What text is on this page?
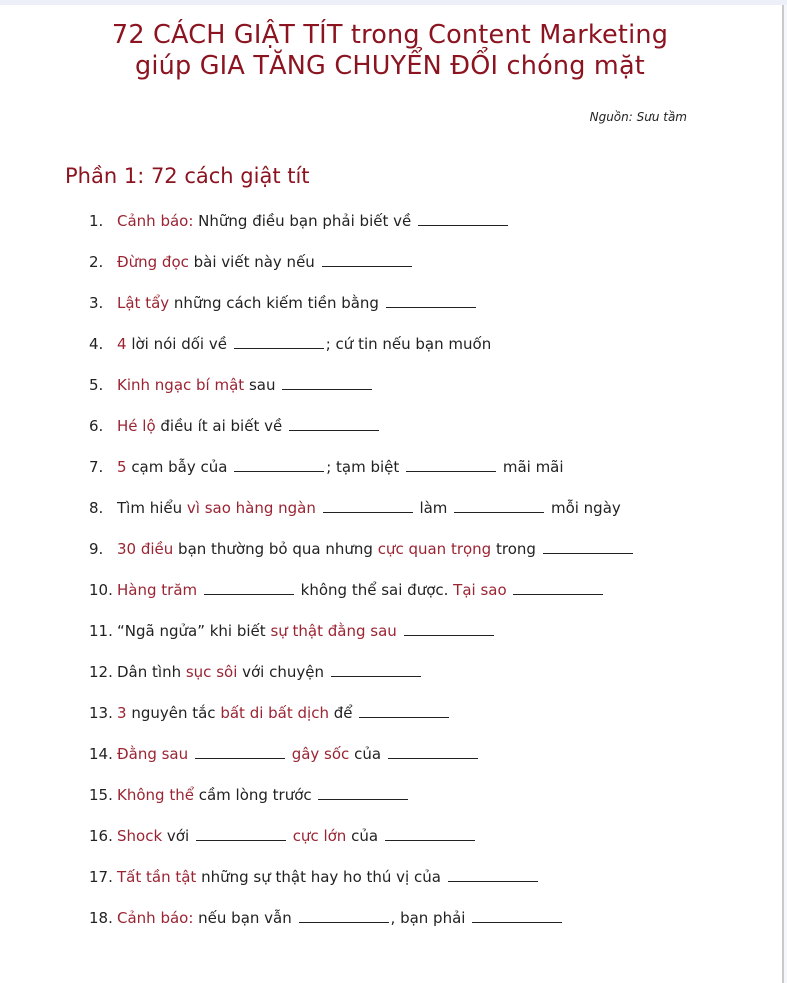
72 CÁCH GIẬT TÍT trong Content Marketing
giúp GIA TĂNG CHUYỂN ĐỔI chóng mặt
Nguồn: Sưu tầm
Phần 1: 72 cách giật tít
1. Cảnh báo: Những điều bạn phải biết về
2. Đừng đọc bài viết này nếu
3. Lật tẩy những cách kiếm tiền bằng
4. 4 lời nói dối về	; cứ tin nếu bạn muốn
5. Kinh ngạc bí mật sau
6. Hé lộ điều ít ai biết về
7. 5 cạm bẫy của	; tạm biệt	mãi mãi
8. Tìm hiểu vì sao hàng ngàn	làm	mỗi ngày
9. 30 điều bạn thường bỏ qua nhưng cực quan trọng trong
10. Hàng trăm	không thể sai được. Tại sao
11. “Ngã ngửa” khi biết sự thật đằng sau
12. Dân tình sục sôi với chuyện
13. 3 nguyên tắc bất di bất dịch để
14. Đằng sau	gây sốc của
15. Không thể cầm lòng trước
16. Shock với	cực lớn của
17. Tất tần tật những sự thật hay ho thú vị của
18. Cảnh báo: nếu bạn vẫn	, bạn phải
